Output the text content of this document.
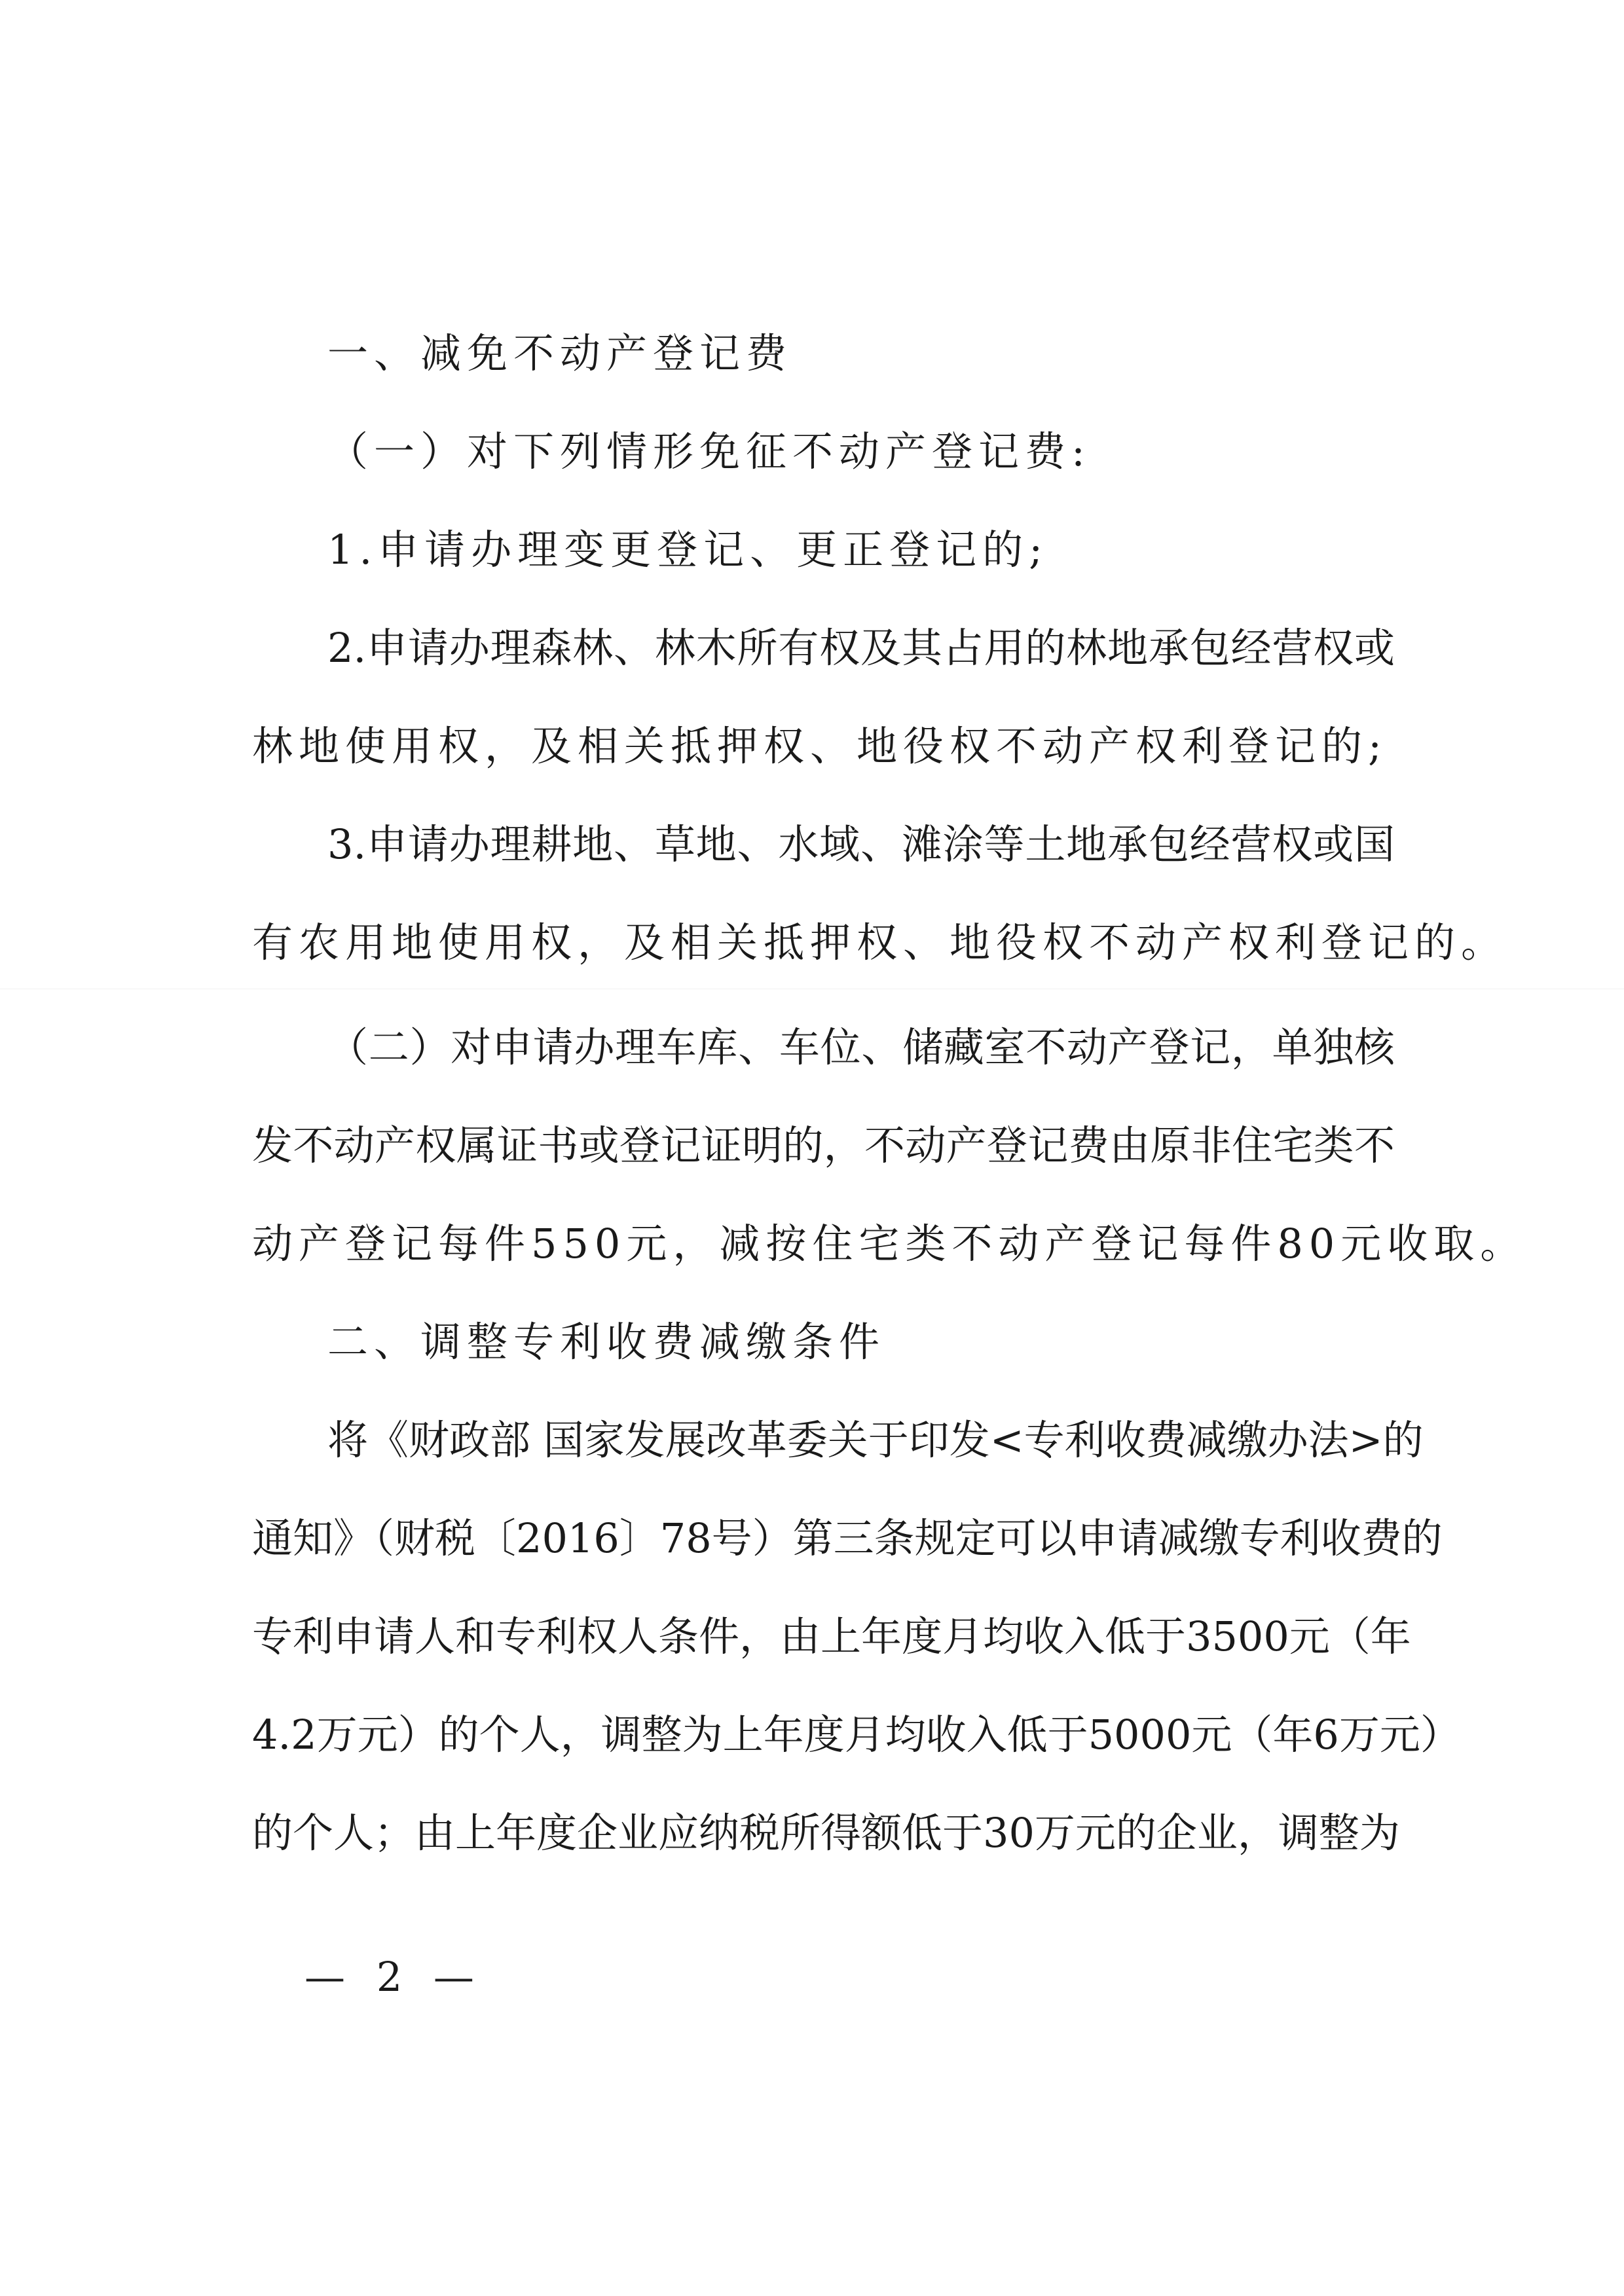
一、减免不动产登记费
（一）对下列情形免征不动产登记费:
1.申请办理变更登记、更正登记的;
2.申请办理森林、林木所有权及其占用的林地承包经营权或
林地使用权，及相关抵押权、地役权不动产权利登记的;
3.申请办理耕地、草地、水域、滩涂等土地承包经营权或国
有农用地使用权，及相关抵押权、地役权不动产权利登记的。
（二）对申请办理车库、车位、储藏室不动产登记，单独核
发不动产权属证书或登记证明的，不动产登记费由原非住宅类不
动产登记每件550元，减按住宅类不动产登记每件80元收取。
二、调整专利收费减缴条件
将《财政部 国家发展改革委关于印发<专利收费减缴办法>的
通知》（财税〔2016〕78号）第三条规定可以申请减缴专利收费的
专利申请人和专利权人条件，由上年度月均收入低于3500元（年
4.2万元）的个人，调整为上年度月均收入低于5000元（年6万元）
的个人；由上年度企业应纳税所得额低于30万元的企业，调整为
— 2 —
